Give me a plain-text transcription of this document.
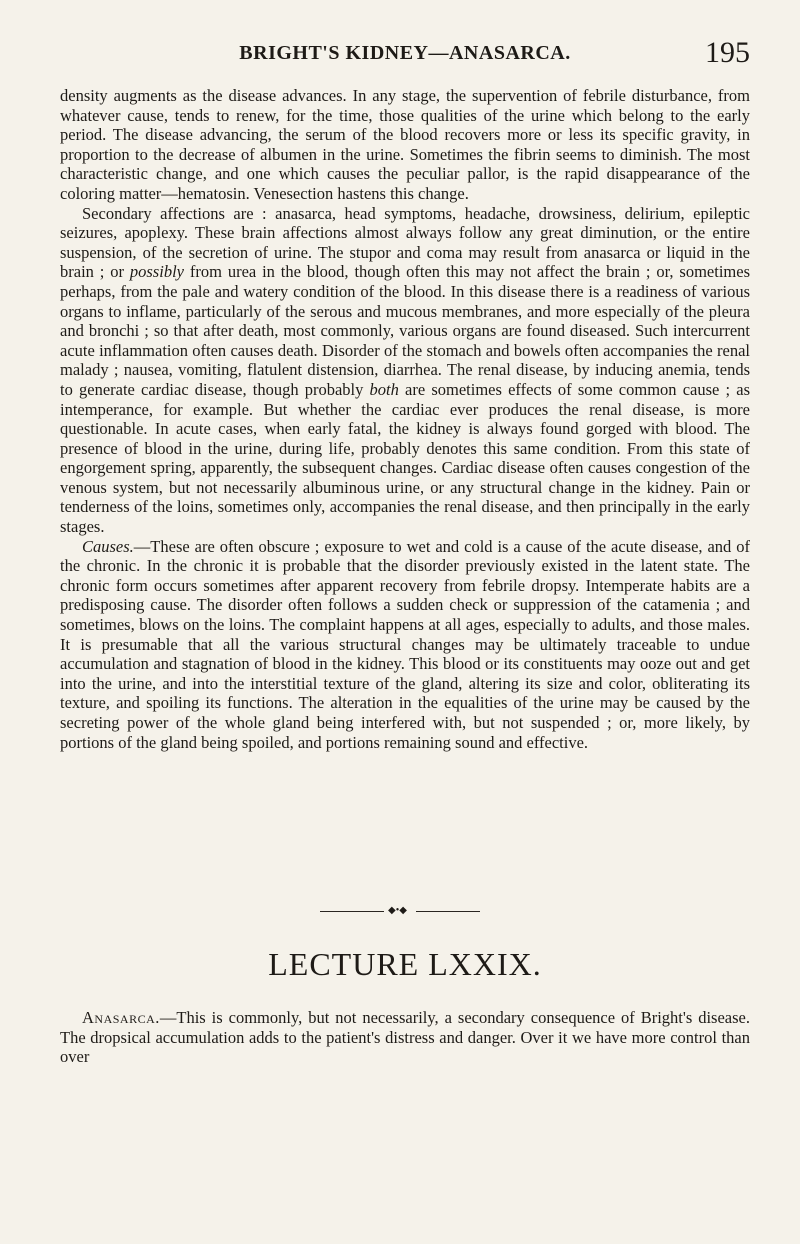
BRIGHT'S KIDNEY—ANASARCA.	195

density augments as the disease advances. In any stage, the supervention of febrile disturbance, from whatever cause, tends to renew, for the time, those qualities of the urine which belong to the early period. The disease advancing, the serum of the blood recovers more or less its specific gravity, in proportion to the decrease of albumen in the urine. Sometimes the fibrin seems to diminish. The most characteristic change, and one which causes the peculiar pallor, is the rapid disappearance of the coloring matter—hematosin. Venesection hastens this change.

Secondary affections are : anasarca, head symptoms, headache, drowsiness, delirium, epileptic seizures, apoplexy. These brain affections almost always follow any great diminution, or the entire suspension, of the secretion of urine. The stupor and coma may result from anasarca or liquid in the brain ; or possibly from urea in the blood, though often this may not affect the brain ; or, sometimes perhaps, from the pale and watery condition of the blood. In this disease there is a readiness of various organs to inflame, particularly of the serous and mucous membranes, and more especially of the pleura and bronchi ; so that after death, most commonly, various organs are found diseased. Such intercurrent acute inflammation often causes death. Disorder of the stomach and bowels often accompanies the renal malady ; nausea, vomiting, flatulent distension, diarrhea. The renal disease, by inducing anemia, tends to generate cardiac disease, though probably both are sometimes effects of some common cause ; as intemperance, for example. But whether the cardiac ever produces the renal disease, is more questionable. In acute cases, when early fatal, the kidney is always found gorged with blood. The presence of blood in the urine, during life, probably denotes this same condition. From this state of engorgement spring, apparently, the subsequent changes. Cardiac disease often causes congestion of the venous system, but not necessarily albuminous urine, or any structural change in the kidney. Pain or tenderness of the loins, sometimes only, accompanies the renal disease, and then principally in the early stages.

Causes.—These are often obscure ; exposure to wet and cold is a cause of the acute disease, and of the chronic. In the chronic it is probable that the disorder previously existed in the latent state. The chronic form occurs sometimes after apparent recovery from febrile dropsy. Intemperate habits are a predisposing cause. The disorder often follows a sudden check or suppression of the catamenia ; and sometimes, blows on the loins. The complaint happens at all ages, especially to adults, and those males. It is presumable that all the various structural changes may be ultimately traceable to undue accumulation and stagnation of blood in the kidney. This blood or its constituents may ooze out and get into the urine, and into the interstitial texture of the gland, altering its size and color, obliterating its texture, and spoiling its functions. The alteration in the equalities of the urine may be caused by the secreting power of the whole gland being interfered with, but not suspended ; or, more likely, by portions of the gland being spoiled, and portions remaining sound and effective.

◆•◆
LECTURE LXXIX.
Anasarca.—This is commonly, but not necessarily, a secondary consequence of Bright's disease. The dropsical accumulation adds to the patient's distress and danger. Over it we have more control than over
